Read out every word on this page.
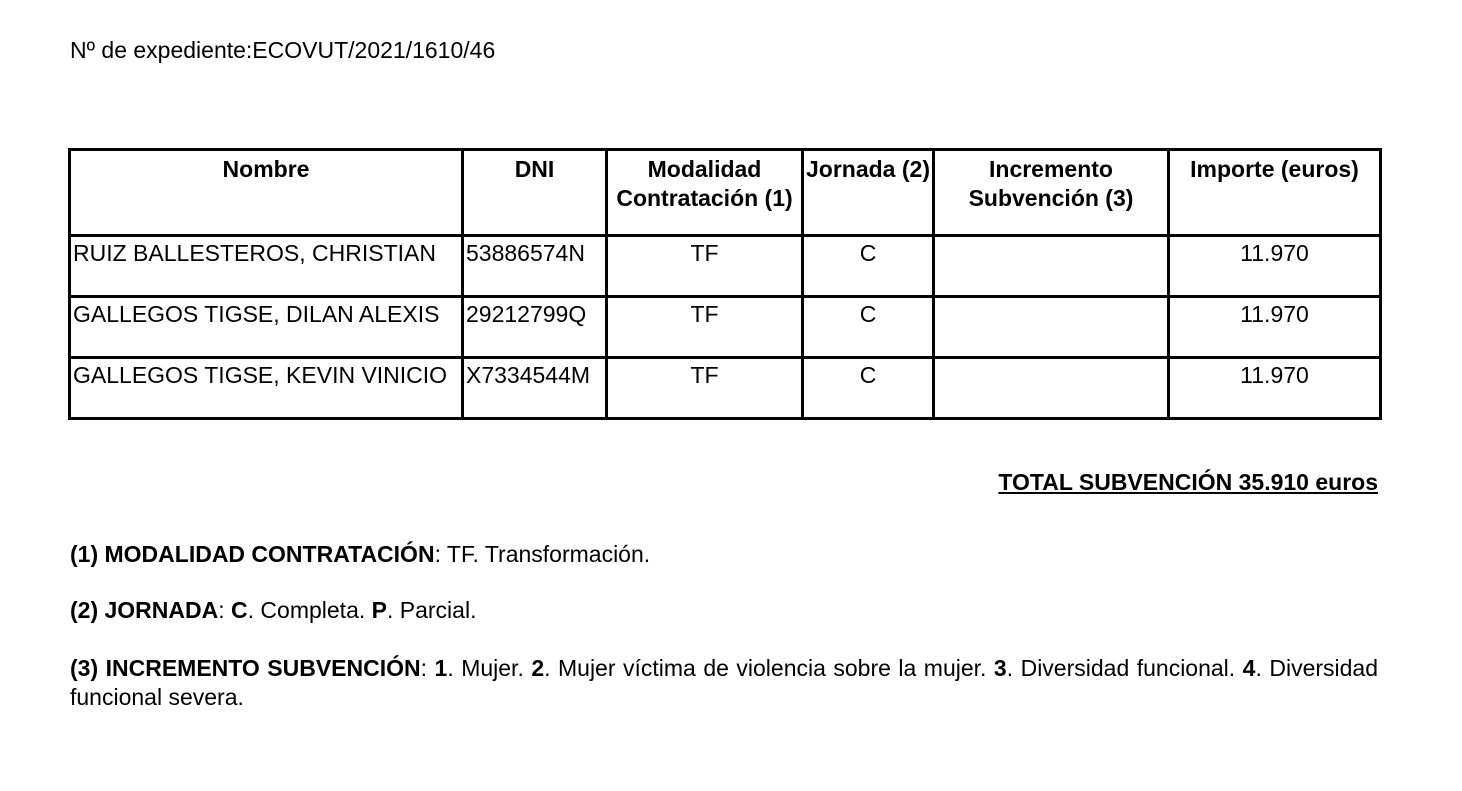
Nº de expediente:ECOVUT/2021/1610/46
Nombre	DNI	Modalidad Contratación (1)	Jornada (2)	Incremento Subvención (3)	Importe (euros)
RUIZ BALLESTEROS, CHRISTIAN	53886574N	TF	C		11.970
GALLEGOS TIGSE, DILAN ALEXIS	29212799Q	TF	C		11.970
GALLEGOS TIGSE, KEVIN VINICIO	X7334544M	TF	C		11.970
TOTAL SUBVENCIÓN 35.910 euros
(1) MODALIDAD CONTRATACIÓN: TF. Transformación.
(2) JORNADA: C. Completa. P. Parcial.
(3) INCREMENTO SUBVENCIÓN: 1. Mujer. 2. Mujer víctima de violencia sobre la mujer. 3. Diversidad funcional. 4. Diversidad funcional severa.
